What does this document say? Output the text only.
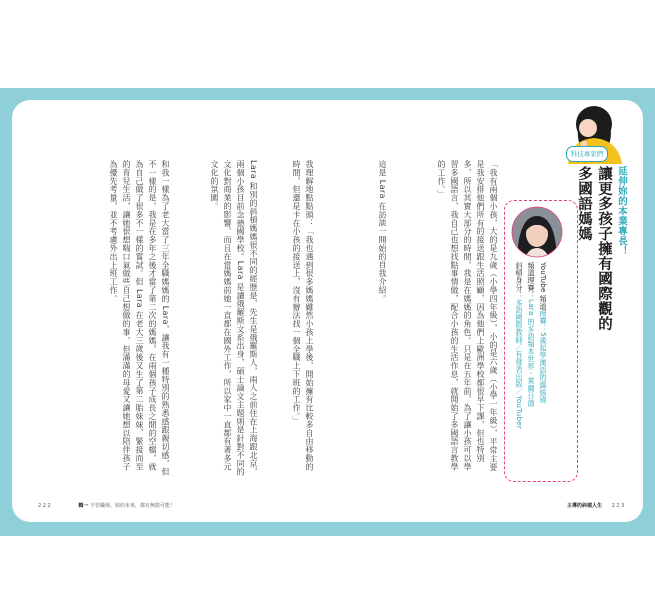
科技專家們
延伸妳的本業專長！
讓更多孩子擁有國際觀的多國語媽媽
YouTube 頻道理賽：5歲起學漢語的露絲瑋
頻道理賽：Lara 的多語頻本世界・萊爾日德
斜槓身分：多語國際教師／有發表出版／YouTuber
「我有兩個小孩，大的是九歲（小學四年級），小的是六歲（小學一年級），平常主要是我安排他們所有的接送跟生活照顧，因為他們上歐洲學校都很早下課，但也特別多，所以其實大部分的時間，我是在媽媽的角色。只是在五年前，為了讓小孩可以學習多國語言，我自己也想找點事情做，配合小孩的生活作息，就開始了多國語言教學的工作。」
這是 Lara 在訪談一開始的自我介紹。
我理解地點點頭：「我也遇到很多媽媽雖然小孩上學後，開始擁有比較多自由移動的時間，但還是卡在小孩的接送上，沒有辦法找一個全職上下班的工作。」
Lara 和別的斜槓媽媽很不同的經歷是，先生是俄羅斯人，兩人之前住在上海跟北京，兩個小孩目前念德國學校。Lara 是讀俄羅斯文系出身，碩士論文主題則是針對不同的文化對商業的影響，而且在當媽媽前她一直都在國外工作，所以家中一直都有著多元文化的氛圍。
和我一樣為了老大當了三年全職媽媽的 Lara，讓我有一種特別的熟悉感跟親切感，但不一樣的是，我是在多年之後才當了第二次的媽媽，在兩個孩子成長之間的空檔，就為自己做了很多不一樣的嘗試。但 Lara 在老大三歲後又生了第二胎妹妹，緊接而至的育兒生活，讓她很想喘口氣做些自己想做的事，但滿滿的母愛又讓她想以陪伴孩子為優先考量，並不考慮外出上班工作。
2 2 2	輯一 不管職場、妳的未來，都有無限可能！	主導的斜槓人生 2 2 3
